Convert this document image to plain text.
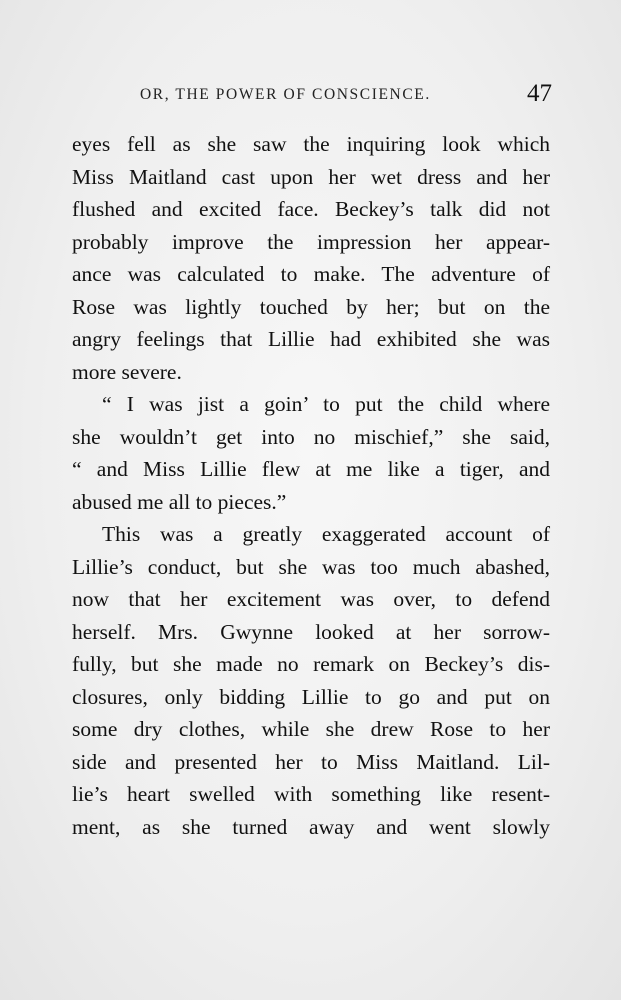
OR, THE POWER OF CONSCIENCE.	47
eyes fell as she saw the inquiring look which
Miss Maitland cast upon her wet dress and her
flushed and excited face. Beckey’s talk did not
probably improve the impression her appear-
ance was calculated to make. The adventure of
Rose was lightly touched by her; but on the
angry feelings that Lillie had exhibited she was
more severe.
“ I was jist a goin’ to put the child where
she wouldn’t get into no mischief,” she said,
“ and Miss Lillie flew at me like a tiger, and
abused me all to pieces.”
This was a greatly exaggerated account of
Lillie’s conduct, but she was too much abashed,
now that her excitement was over, to defend
herself. Mrs. Gwynne looked at her sorrow-
fully, but she made no remark on Beckey’s dis-
closures, only bidding Lillie to go and put on
some dry clothes, while she drew Rose to her
side and presented her to Miss Maitland. Lil-
lie’s heart swelled with something like resent-
ment, as she turned away and went slowly
